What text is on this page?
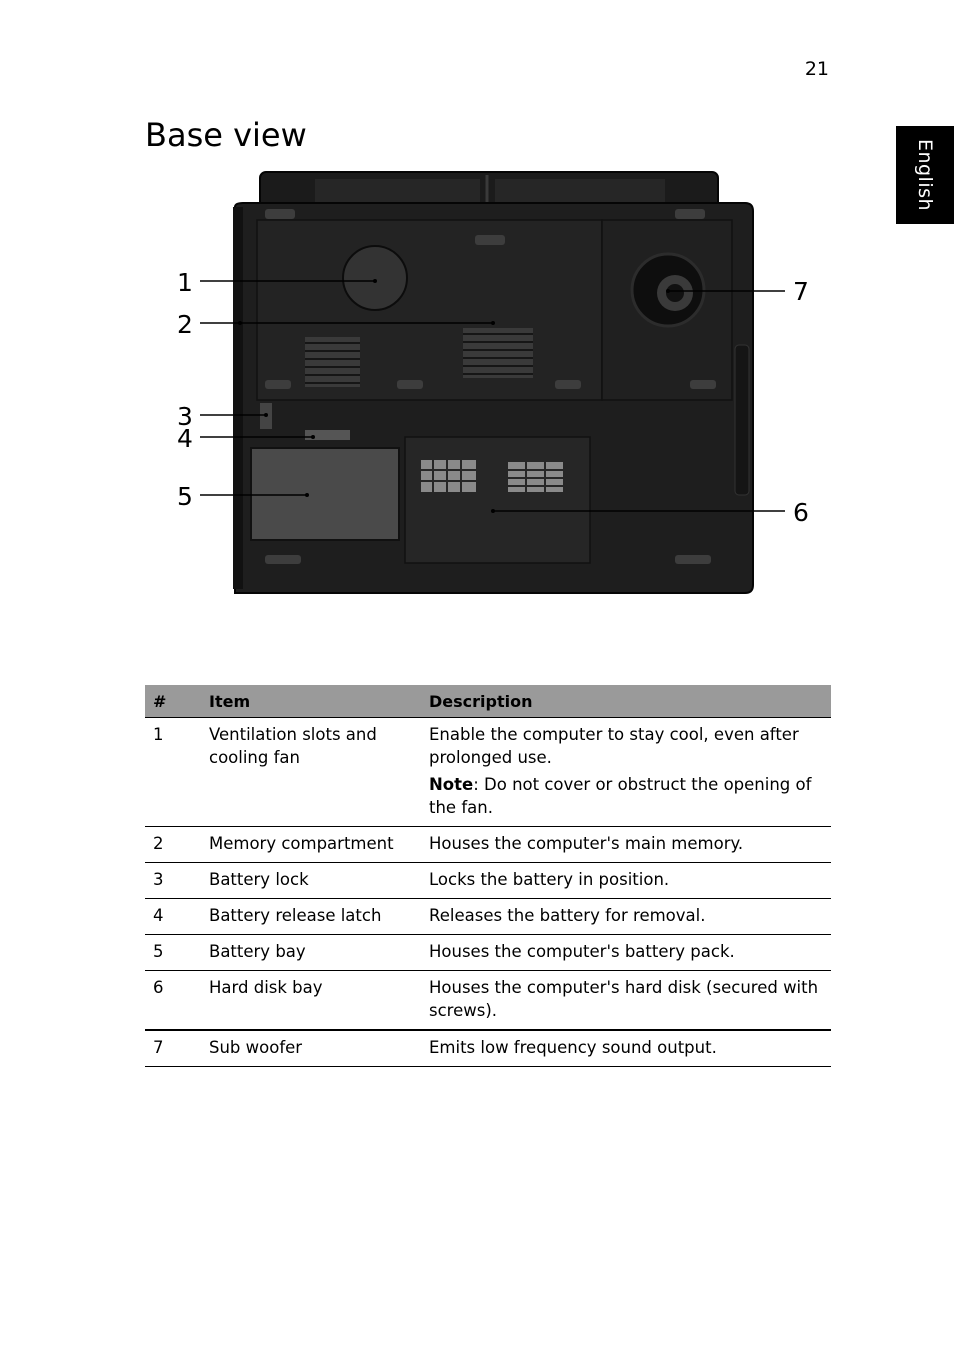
21
English
Base view
1
2
3
4
5
6
7
#	Item	Description
1	Ventilation slots and cooling fan	Enable the computer to stay cool, even after prolonged use.
Note: Do not cover or obstruct the opening of the fan.

2	Memory compartment	Houses the computer's main memory.
3	Battery lock	Locks the battery in position.
4	Battery release latch	Releases the battery for removal.
5	Battery bay	Houses the computer's battery pack.
6	Hard disk bay	Houses the computer's hard disk (secured with screws).
7	Sub woofer	Emits low frequency sound output.
